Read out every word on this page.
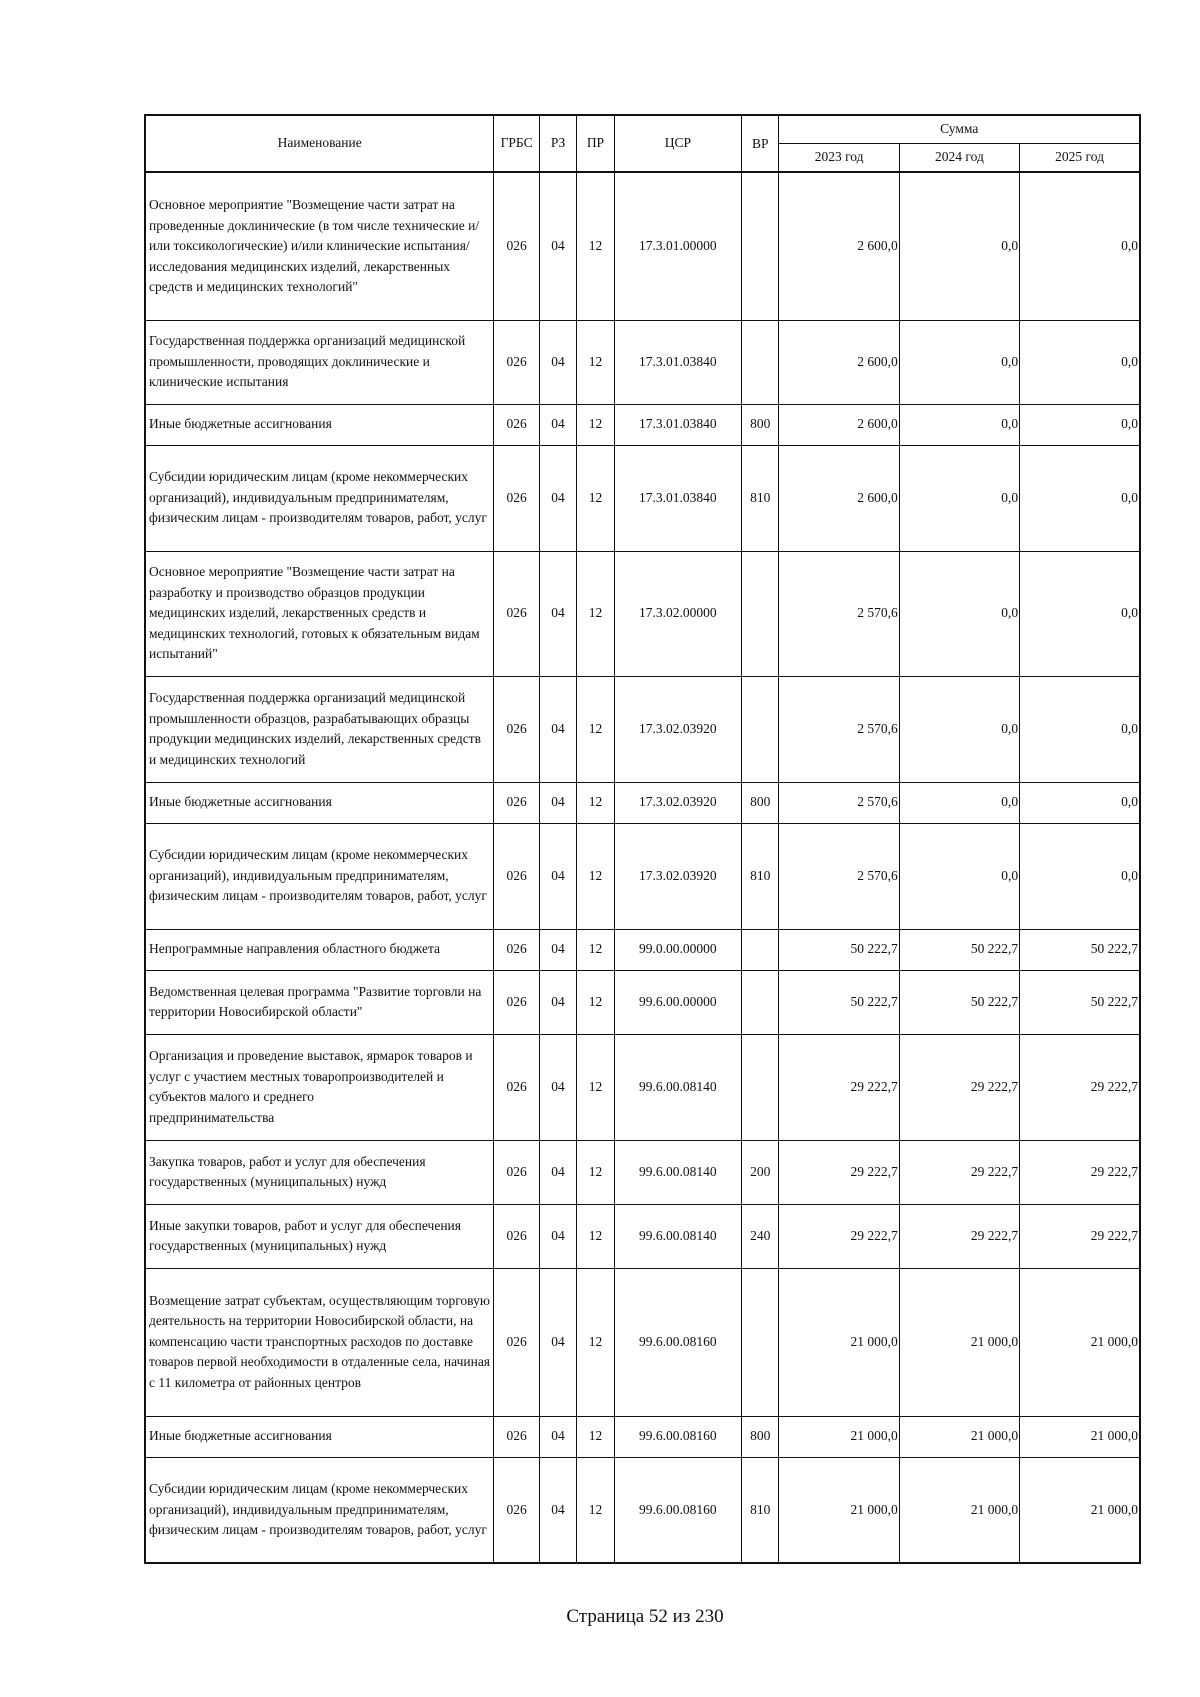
Наименование	ГРБС	РЗ	ПР	ЦСР	ВР	Сумма		
						2023 год	2024 год	2025 год
Основное мероприятие "Возмещение части затрат на проведенные доклинические (в том числе технические и/или токсикологические) и/или клинические испытания/исследования медицинских изделий, лекарственных средств и медицинских технологий"	026	04	12	17.3.01.00000		2 600,0	0,0	0,0
Государственная поддержка организаций медицинской промышленности, проводящих доклинические и клинические испытания	026	04	12	17.3.01.03840		2 600,0	0,0	0,0
Иные бюджетные ассигнования	026	04	12	17.3.01.03840	800	2 600,0	0,0	0,0
Субсидии юридическим лицам (кроме некоммерческих организаций), индивидуальным предпринимателям, физическим лицам - производителям товаров, работ, услуг	026	04	12	17.3.01.03840	810	2 600,0	0,0	0,0
Основное мероприятие "Возмещение части затрат на разработку и производство образцов продукции медицинских изделий, лекарственных средств и медицинских технологий, готовых к обязательным видам испытаний"	026	04	12	17.3.02.00000		2 570,6	0,0	0,0
Государственная поддержка организаций медицинской промышленности образцов, разрабатывающих образцы продукции медицинских изделий, лекарственных средств и медицинских технологий	026	04	12	17.3.02.03920		2 570,6	0,0	0,0
Иные бюджетные ассигнования	026	04	12	17.3.02.03920	800	2 570,6	0,0	0,0
Субсидии юридическим лицам (кроме некоммерческих организаций), индивидуальным предпринимателям, физическим лицам - производителям товаров, работ, услуг	026	04	12	17.3.02.03920	810	2 570,6	0,0	0,0
Непрограммные направления областного бюджета	026	04	12	99.0.00.00000		50 222,7	50 222,7	50 222,7
Ведомственная целевая программа "Развитие торговли на территории Новосибирской области"	026	04	12	99.6.00.00000		50 222,7	50 222,7	50 222,7
Организация и проведение выставок, ярмарок товаров и услуг с участием местных товаропроизводителей и субъектов малого и среднего
предпринимательства	026	04	12	99.6.00.08140		29 222,7	29 222,7	29 222,7
Закупка товаров, работ и услуг для обеспечения государственных (муниципальных) нужд	026	04	12	99.6.00.08140	200	29 222,7	29 222,7	29 222,7
Иные закупки товаров, работ и услуг для обеспечения государственных (муниципальных) нужд	026	04	12	99.6.00.08140	240	29 222,7	29 222,7	29 222,7
Возмещение затрат субъектам, осуществляющим торговую деятельность на территории Новосибирской области, на компенсацию части транспортных расходов по доставке товаров первой необходимости в отдаленные села, начиная с 11 километра от районных центров	026	04	12	99.6.00.08160		21 000,0	21 000,0	21 000,0
Иные бюджетные ассигнования	026	04	12	99.6.00.08160	800	21 000,0	21 000,0	21 000,0
Субсидии юридическим лицам (кроме некоммерческих организаций), индивидуальным предпринимателям, физическим лицам - производителям товаров, работ, услуг	026	04	12	99.6.00.08160	810	21 000,0	21 000,0	21 000,0
Страница 52 из 230
